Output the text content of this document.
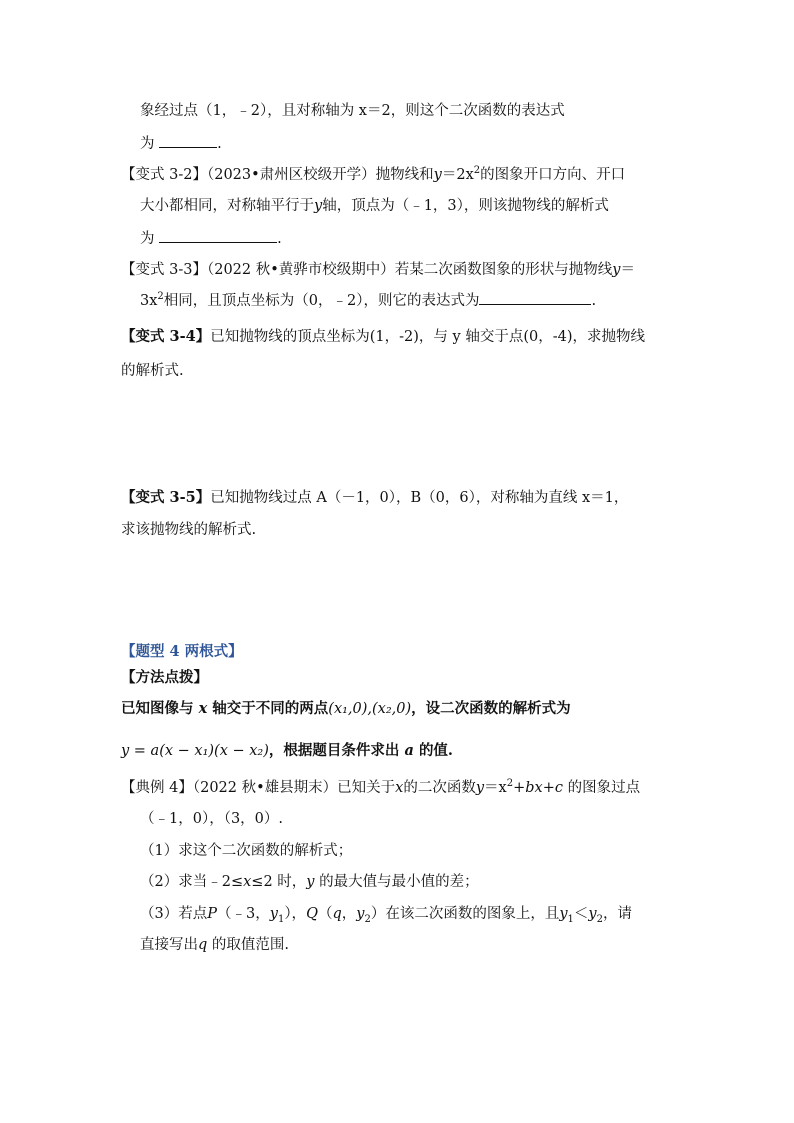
象经过点（1，﹣2），且对称轴为 x＝2，则这个二次函数的表达式
为	.
【变式 3-2】（2023•肃州区校级开学）抛物线和$y=2x^2$的图象开口方向、开口
大小都相同，对称轴平行于y轴，顶点为（﹣1，3），则该抛物线的解析式
为	.
【变式 3-3】（2022 秋•黄骅市校级期中）若某二次函数图象的形状与抛物线y＝
$3x^2$相同，且顶点坐标为（0，﹣2），则它的表达式为	.
【变式 3-4】已知抛物线的顶点坐标为(1，-2)，与 y 轴交于点(0，-4)，求抛物线
的解析式.
【变式 3-5】已知抛物线过点 A（－1，0），B（0，6），对称轴为直线 x＝1，
求该抛物线的解析式.
【题型 4 两根式】
【方法点拨】
已知图像与 x 轴交于不同的两点(x₁,0),(x₂,0)，设二次函数的解析式为
y = a(x − x₁)(x − x₂)，根据题目条件求出 a 的值.
【典例 4】（2022 秋•雄县期末）已知关于x的二次函数$y=x^2+bx+c$ 的图象过点
（﹣1，0），（3，0）.
（1）求这个二次函数的解析式；
（2）求当﹣2≤x≤2 时，y 的最大值与最小值的差；
（3）若点P（﹣3，$y_1$），Q（q，$y_2$）在该二次函数的图象上，且$y_1<y_2$，请
直接写出q 的取值范围.
